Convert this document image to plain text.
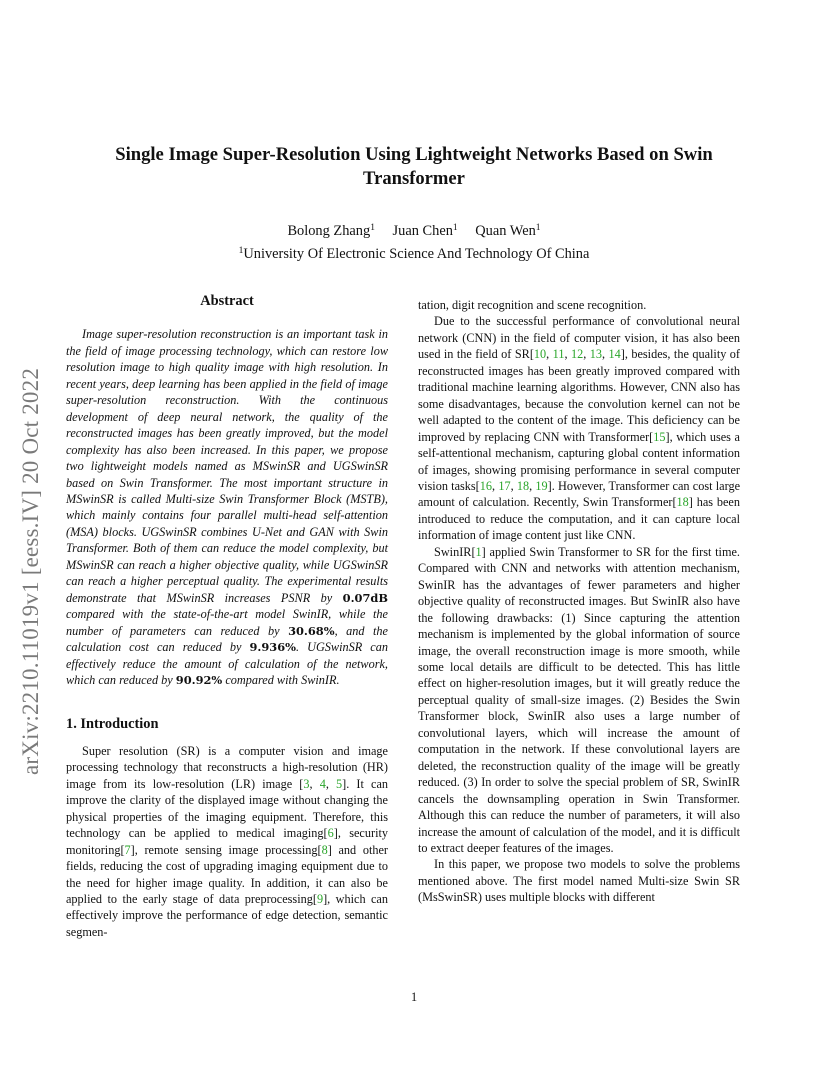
arXiv:2210.11019v1 [eess.IV] 20 Oct 2022
Single Image Super-Resolution Using Lightweight Networks Based on Swin
Transformer
Bolong Zhang$^1$ Juan Chen$^1$ Quan Wen$^1$
$^1$University Of Electronic Science And Technology Of China
Abstract

Image super-resolution reconstruction is an important task in the field of image processing technology, which can restore low resolution image to high quality image with high resolution. In recent years, deep learning has been applied in the field of image super-resolution reconstruction. With the continuous development of deep neural network, the quality of the reconstructed images has been greatly improved, but the model complexity has also been increased. In this paper, we propose two lightweight models named as MSwinSR and UGSwinSR based on Swin Transformer. The most important structure in MSwinSR is called Multi-size Swin Transformer Block (MSTB), which mainly contains four parallel multi-head self-attention (MSA) blocks. UGSwinSR combines U-Net and GAN with Swin Transformer. Both of them can reduce the model complexity, but MSwinSR can reach a higher objective quality, while UGSwinSR can reach a higher perceptual quality. The experimental results demonstrate that MSwinSR increases PSNR by 0.07dB compared with the state-of-the-art model SwinIR, while the number of parameters can reduced by 30.68%, and the calculation cost can reduced by 9.936%. UGSwinSR can effectively reduce the amount of calculation of the network, which can reduced by 90.92% compared with SwinIR.

1. Introduction

Super resolution (SR) is a computer vision and image processing technology that reconstructs a high-resolution (HR) image from its low-resolution (LR) image [3, 4, 5]. It can improve the clarity of the displayed image without changing the physical properties of the imaging equipment. Therefore, this technology can be applied to medical imaging[6], security monitoring[7], remote sensing image processing[8] and other fields, reducing the cost of upgrading imaging equipment due to the need for higher image quality. In addition, it can also be applied to the early stage of data preprocessing[9], which can effectively improve the performance of edge detection, semantic segmen-

tation, digit recognition and scene recognition.

Due to the successful performance of convolutional neural network (CNN) in the field of computer vision, it has also been used in the field of SR[10, 11, 12, 13, 14], besides, the quality of reconstructed images has been greatly improved compared with traditional machine learning algorithms. However, CNN also has some disadvantages, because the convolution kernel can not be well adapted to the content of the image. This deficiency can be improved by replacing CNN with Transformer[15], which uses a self-attentional mechanism, capturing global content information of images, showing promising performance in several computer vision tasks[16, 17, 18, 19]. However, Transformer can cost large amount of calculation. Recently, Swin Transformer[18] has been introduced to reduce the computation, and it can capture local information of image content just like CNN.

SwinIR[1] applied Swin Transformer to SR for the first time. Compared with CNN and networks with attention mechanism, SwinIR has the advantages of fewer parameters and higher objective quality of reconstructed images. But SwinIR also have the following drawbacks: (1) Since capturing the attention mechanism is implemented by the global information of source image, the overall reconstruction image is more smooth, while some local details are difficult to be detected. This has little effect on higher-resolution images, but it will greatly reduce the perceptual quality of small-size images. (2) Besides the Swin Transformer block, SwinIR also uses a large number of convolutional layers, which will increase the amount of computation in the network. If these convolutional layers are deleted, the reconstruction quality of the image will be greatly reduced. (3) In order to solve the special problem of SR, SwinIR cancels the downsampling operation in Swin Transformer. Although this can reduce the number of parameters, it will also increase the amount of calculation of the model, and it is difficult to extract deeper features of the images.

In this paper, we propose two models to solve the problems mentioned above. The first model named Multi-size Swin SR (MsSwinSR) uses multiple blocks with different

1
